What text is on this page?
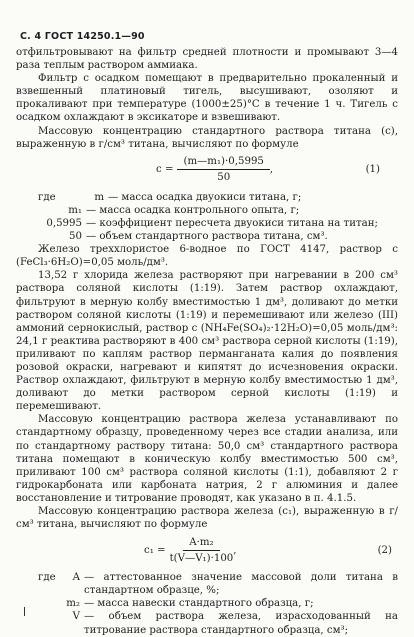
С. 4 ГОСТ 14250.1—90

отфильтровывают на фильтр средней плотности и промывают 3—4 раза теплым раствором аммиака.

Фильтр с осадком помещают в предварительно прокаленный и взвешенный платиновый тигель, высушивают, озоляют и прокаливают при температуре (1000±25)°С в течение 1 ч. Тигель с осадком охлаждают в эксикаторе и взвешивают.

Массовую концентрацию стандартного раствора титана (с), выраженную в г/см³ титана, вычисляют по формуле

$c = \frac{\text{(m—m₁)·0,5995}}{50}$ ,	(1)
где	m — масса осадка двуокиси титана, г;
m₁ — масса осадка контрольного опыта, г;
0,5995 — коэффициент пересчета двуокиси титана на титан;
50 — объем стандартного раствора титана, см³.

Железо треххлористое 6-водное по ГОСТ 4147, раствор с (FeCl₃·6H₂O)=0,05 моль/дм³.

13,52 г хлорида железа растворяют при нагревании в 200 см³ раствора соляной кислоты (1:19). Затем раствор охлаждают, фильтруют в мерную колбу вместимостью 1 дм³, доливают до метки раствором соляной кислоты (1:19) и перемешивают или железо (III) аммоний сернокислый, раствор с (NH₄Fe(SO₄)₂·12H₂O)=0,05 моль/дм³: 24,1 г реактива растворяют в 400 см³ раствора серной кислоты (1:19), приливают по каплям раствор перманганата калия до появления розовой окраски, нагревают и кипятят до исчезновения окраски. Раствор охлаждают, фильтруют в мерную колбу вместимостью 1 дм³, доливают до метки раствором серной кислоты (1:19) и перемешивают.

Массовую концентрацию раствора железа устанавливают по стандартному образцу, проведенному через все стадии анализа, или по стандартному раствору титана: 50,0 см³ стандартного раствора титана помещают в коническую колбу вместимостью 500 см³, приливают 100 см³ раствора соляной кислоты (1:1), добавляют 2 г гидрокарбоната или карбоната натрия, 2 г алюминия и далее восстановление и титрование проводят, как указано в п. 4.1.5.

Массовую концентрацию раствора железа (c₁), выраженную в г/см³ титана, вычисляют по формуле

$c_1 = \frac{\text{A·m₂}}{\text{t(V—V₁)·100}}$ ,	(2)
где	A — аттестованное значение массовой доли титана в стандартном образце, %;
m₂ — масса навески стандартного образца, г;
V — объем раствора железа, израсходованный на титрование раствора стандартного образца, см³;
